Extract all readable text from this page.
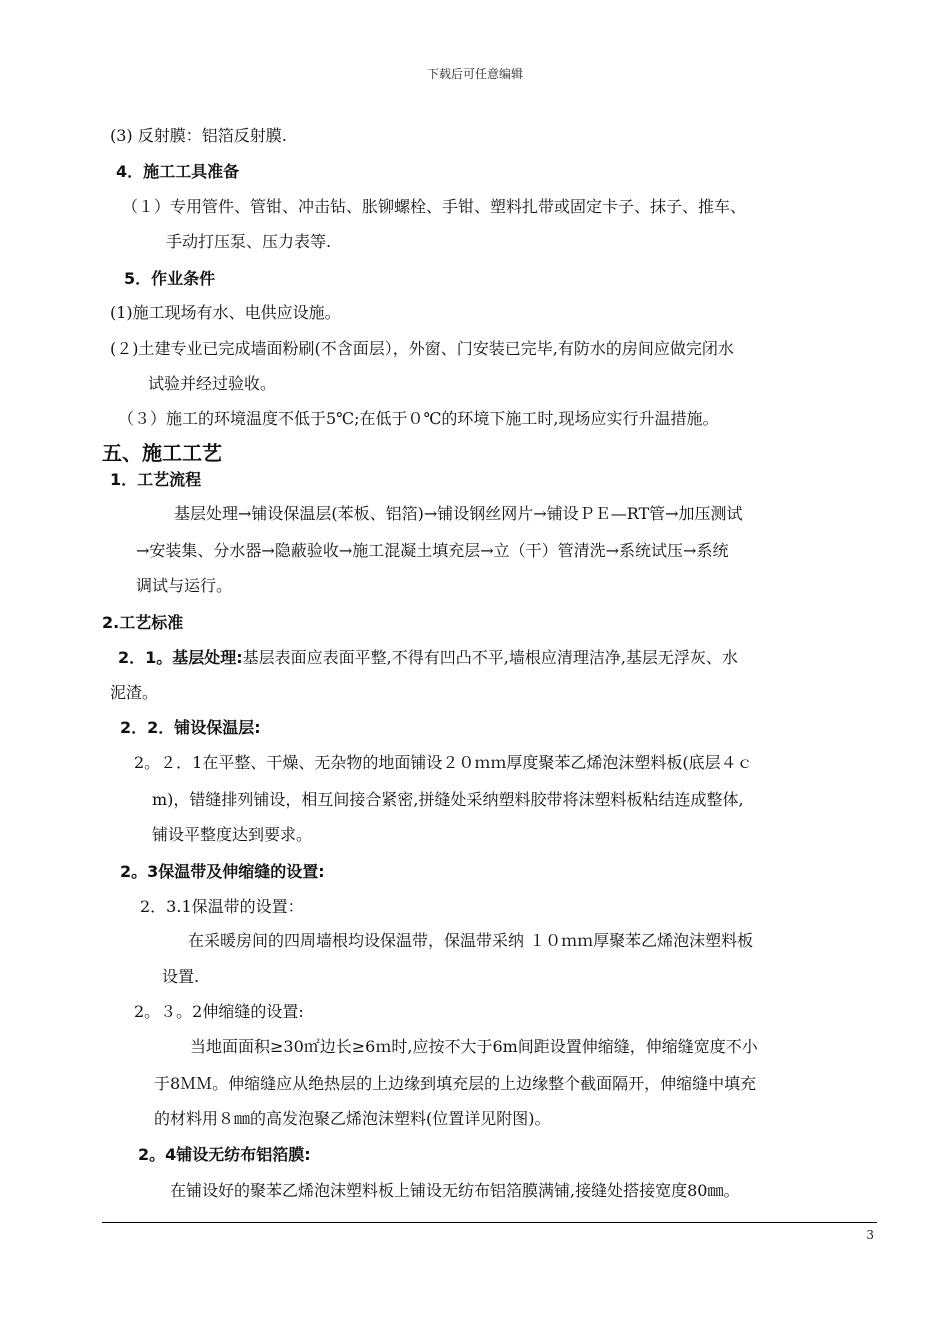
下载后可任意编辑
(3) 反射膜：铝箔反射膜.
4．施工工具准备
（１）专用管件、管钳、冲击钻、胀铆螺栓、手钳、塑料扎带或固定卡子、抹子、推车、
手动打压泵、压力表等.
5．作业条件
(1)施工现场有水、电供应设施。
(２)土建专业已完成墙面粉刷(不含面层），外窗、门安装已完毕,有防水的房间应做完闭水
试验并经过验收。
（３）施工的环境温度不低于5℃;在低于０℃的环境下施工时,现场应实行升温措施。
五、施工工艺
1．工艺流程
基层处理→铺设保温层(苯板、铝箔)→铺设钢丝网片→铺设ＰＥ—RT管→加压测试
→安装集、分水器→隐蔽验收→施工混凝土填充层→立（干）管清洗→系统试压→系统
调试与运行。
2.工艺标准
2．1。基层处理:基层表面应表面平整,不得有凹凸不平,墙根应清理洁净,基层无浮灰、水
泥渣。
2．2．铺设保温层:
2。２．1在平整、干燥、无杂物的地面铺设２０ｍｍ厚度聚苯乙烯泡沫塑料板(底层４ｃ
m)，错缝排列铺设，相互间接合紧密,拼缝处采纳塑料胶带将沫塑料板粘结连成整体,
铺设平整度达到要求。
2。3保温带及伸缩缝的设置:
2．3.1保温带的设置：
在采暖房间的四周墙根均设保温带，保温带采纳 １０ｍｍ厚聚苯乙烯泡沫塑料板
设置.
2。３。2伸缩缝的设置:
当地面面积≥30㎡边长≥6ｍ时,应按不大于6m间距设置伸缩缝，伸缩缝宽度不小
于8ＭＭ。伸缩缝应从绝热层的上边缘到填充层的上边缘整个截面隔开，伸缩缝中填充
的材料用８㎜的高发泡聚乙烯泡沫塑料(位置详见附图)。
2。4铺设无纺布铝箔膜:
在铺设好的聚苯乙烯泡沫塑料板上铺设无纺布铝箔膜满铺,接缝处搭接宽度80㎜。
3
